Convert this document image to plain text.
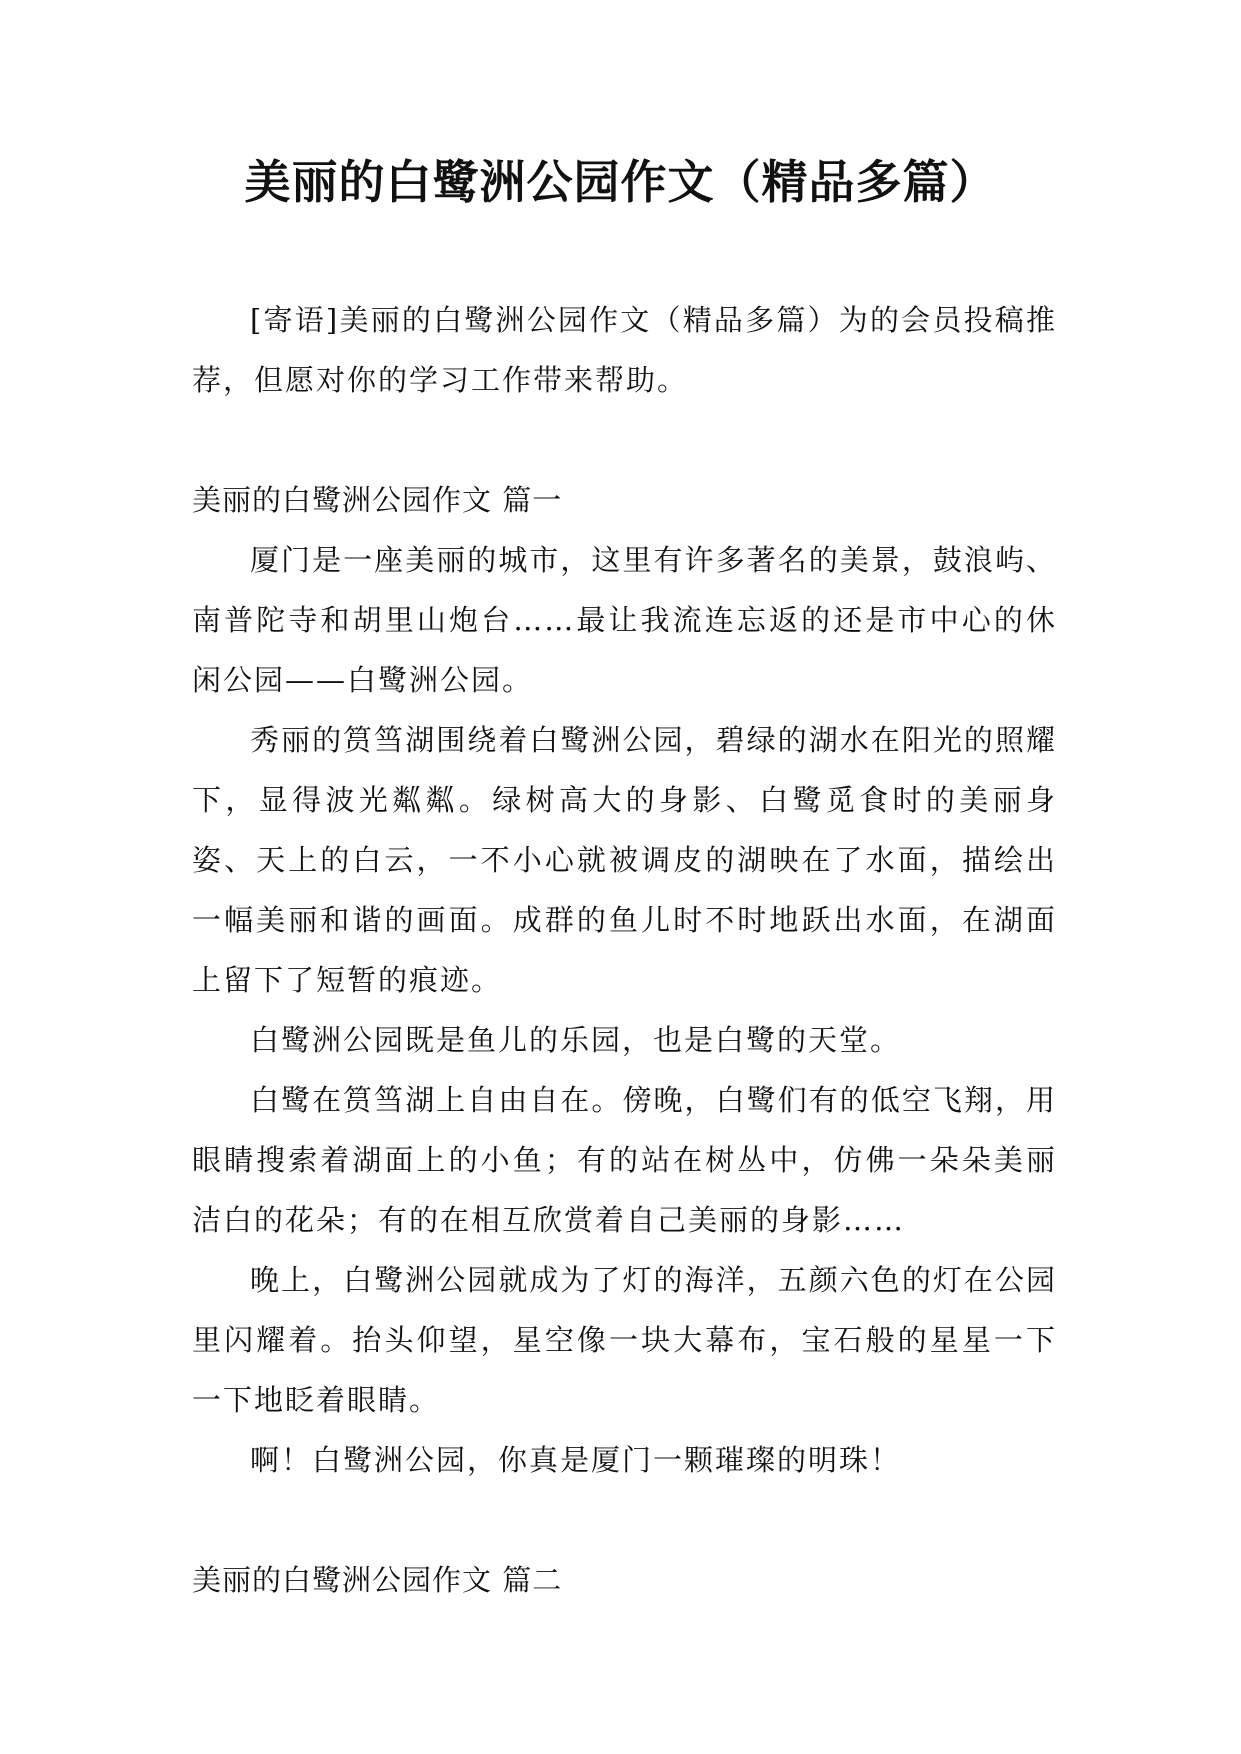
美丽的白鹭洲公园作文（精品多篇）

[寄语]美丽的白鹭洲公园作文（精品多篇）为的会员投稿推荐，但愿对你的学习工作带来帮助。

美丽的白鹭洲公园作文 篇一

厦门是一座美丽的城市，这里有许多著名的美景，鼓浪屿、南普陀寺和胡里山炮台……最让我流连忘返的还是市中心的休闲公园——白鹭洲公园。

秀丽的筼筜湖围绕着白鹭洲公园，碧绿的湖水在阳光的照耀下，显得波光粼粼。绿树高大的身影、白鹭觅食时的美丽身姿、天上的白云，一不小心就被调皮的湖映在了水面，描绘出一幅美丽和谐的画面。成群的鱼儿时不时地跃出水面，在湖面上留下了短暂的痕迹。

白鹭洲公园既是鱼儿的乐园，也是白鹭的天堂。

白鹭在筼筜湖上自由自在。傍晚，白鹭们有的低空飞翔，用眼睛搜索着湖面上的小鱼；有的站在树丛中，仿佛一朵朵美丽洁白的花朵；有的在相互欣赏着自己美丽的身影……

晚上，白鹭洲公园就成为了灯的海洋，五颜六色的灯在公园里闪耀着。抬头仰望，星空像一块大幕布，宝石般的星星一下一下地眨着眼睛。

啊！白鹭洲公园，你真是厦门一颗璀璨的明珠！

美丽的白鹭洲公园作文 篇二
